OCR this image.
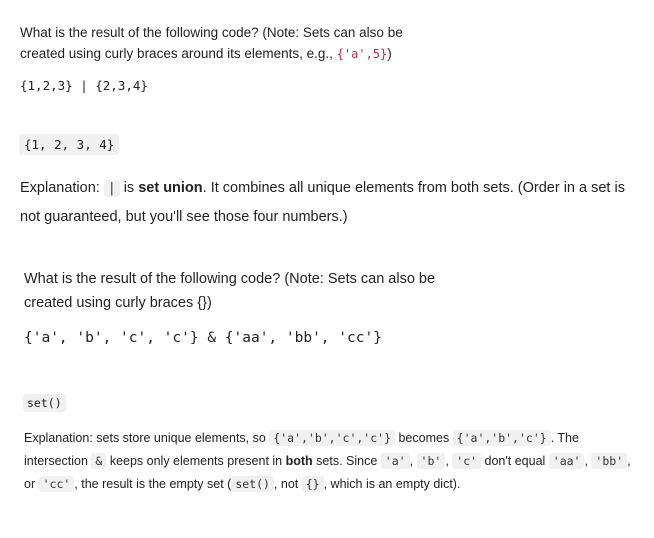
What is the result of the following code? (Note: Sets can also be
created using curly braces around its elements, e.g., {'a',5})
{1,2,3} | {2,3,4}
{1, 2, 3, 4}
Explanation: | is set union. It combines all unique elements from both sets. (Order in a set is not guaranteed, but you'll see those four numbers.)
What is the result of the following code? (Note: Sets can also be
created using curly braces {})
{'a', 'b', 'c', 'c'} & {'aa', 'bb', 'cc'}
set()
Explanation: sets store unique elements, so {'a','b','c','c'} becomes {'a','b','c'} . The intersection & keeps only elements present in both sets. Since 'a' , 'b' , 'c' don't equal 'aa' , 'bb' , or 'cc' , the result is the empty set ( set() , not {} , which is an empty dict).
